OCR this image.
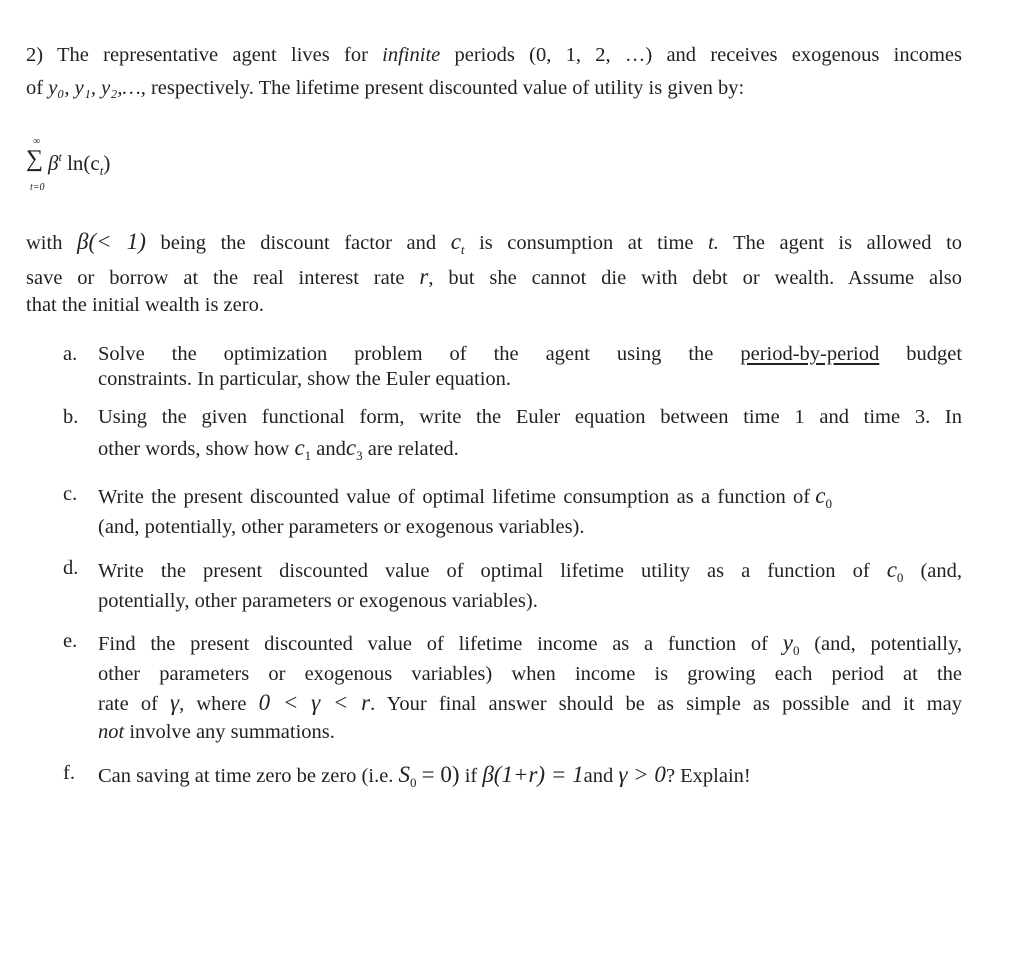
2) The representative agent lives for infinite periods (0, 1, 2, …) and receives exogenous incomes
of y₀, y₁, y₂,…, respectively. The lifetime present discounted value of utility is given by:
∞
∑
t=0
$\beta^t$ $\ln(c_t)$
with β(< 1) being the discount factor and $c_t$ is consumption at time t. The agent is allowed to
save or borrow at the real interest rate r, but she cannot die with debt or wealth. Assume also
that the initial wealth is zero.
a. Solve the optimization problem of the agent using the period-by-period budget
constraints. In particular, show the Euler equation.
b. Using the given functional form, write the Euler equation between time 1 and time 3. In
other words, show how $c_1$ andc$_3$ are related.
c. Write the present discounted value of optimal lifetime consumption as a function of $c_0$
(and, potentially, other parameters or exogenous variables).
d. Write the present discounted value of optimal lifetime utility as a function of $c_0$ (and,
potentially, other parameters or exogenous variables).
e. Find the present discounted value of lifetime income as a function of $y_0$ (and, potentially,
other parameters or exogenous variables) when income is growing each period at the
rate of γ, where 0 < γ < r. Your final answer should be as simple as possible and it may
not involve any summations.
f. Can saving at time zero be zero (i.e. $S_0 = 0$) if β(1+r) = 1and γ > 0? Explain!
